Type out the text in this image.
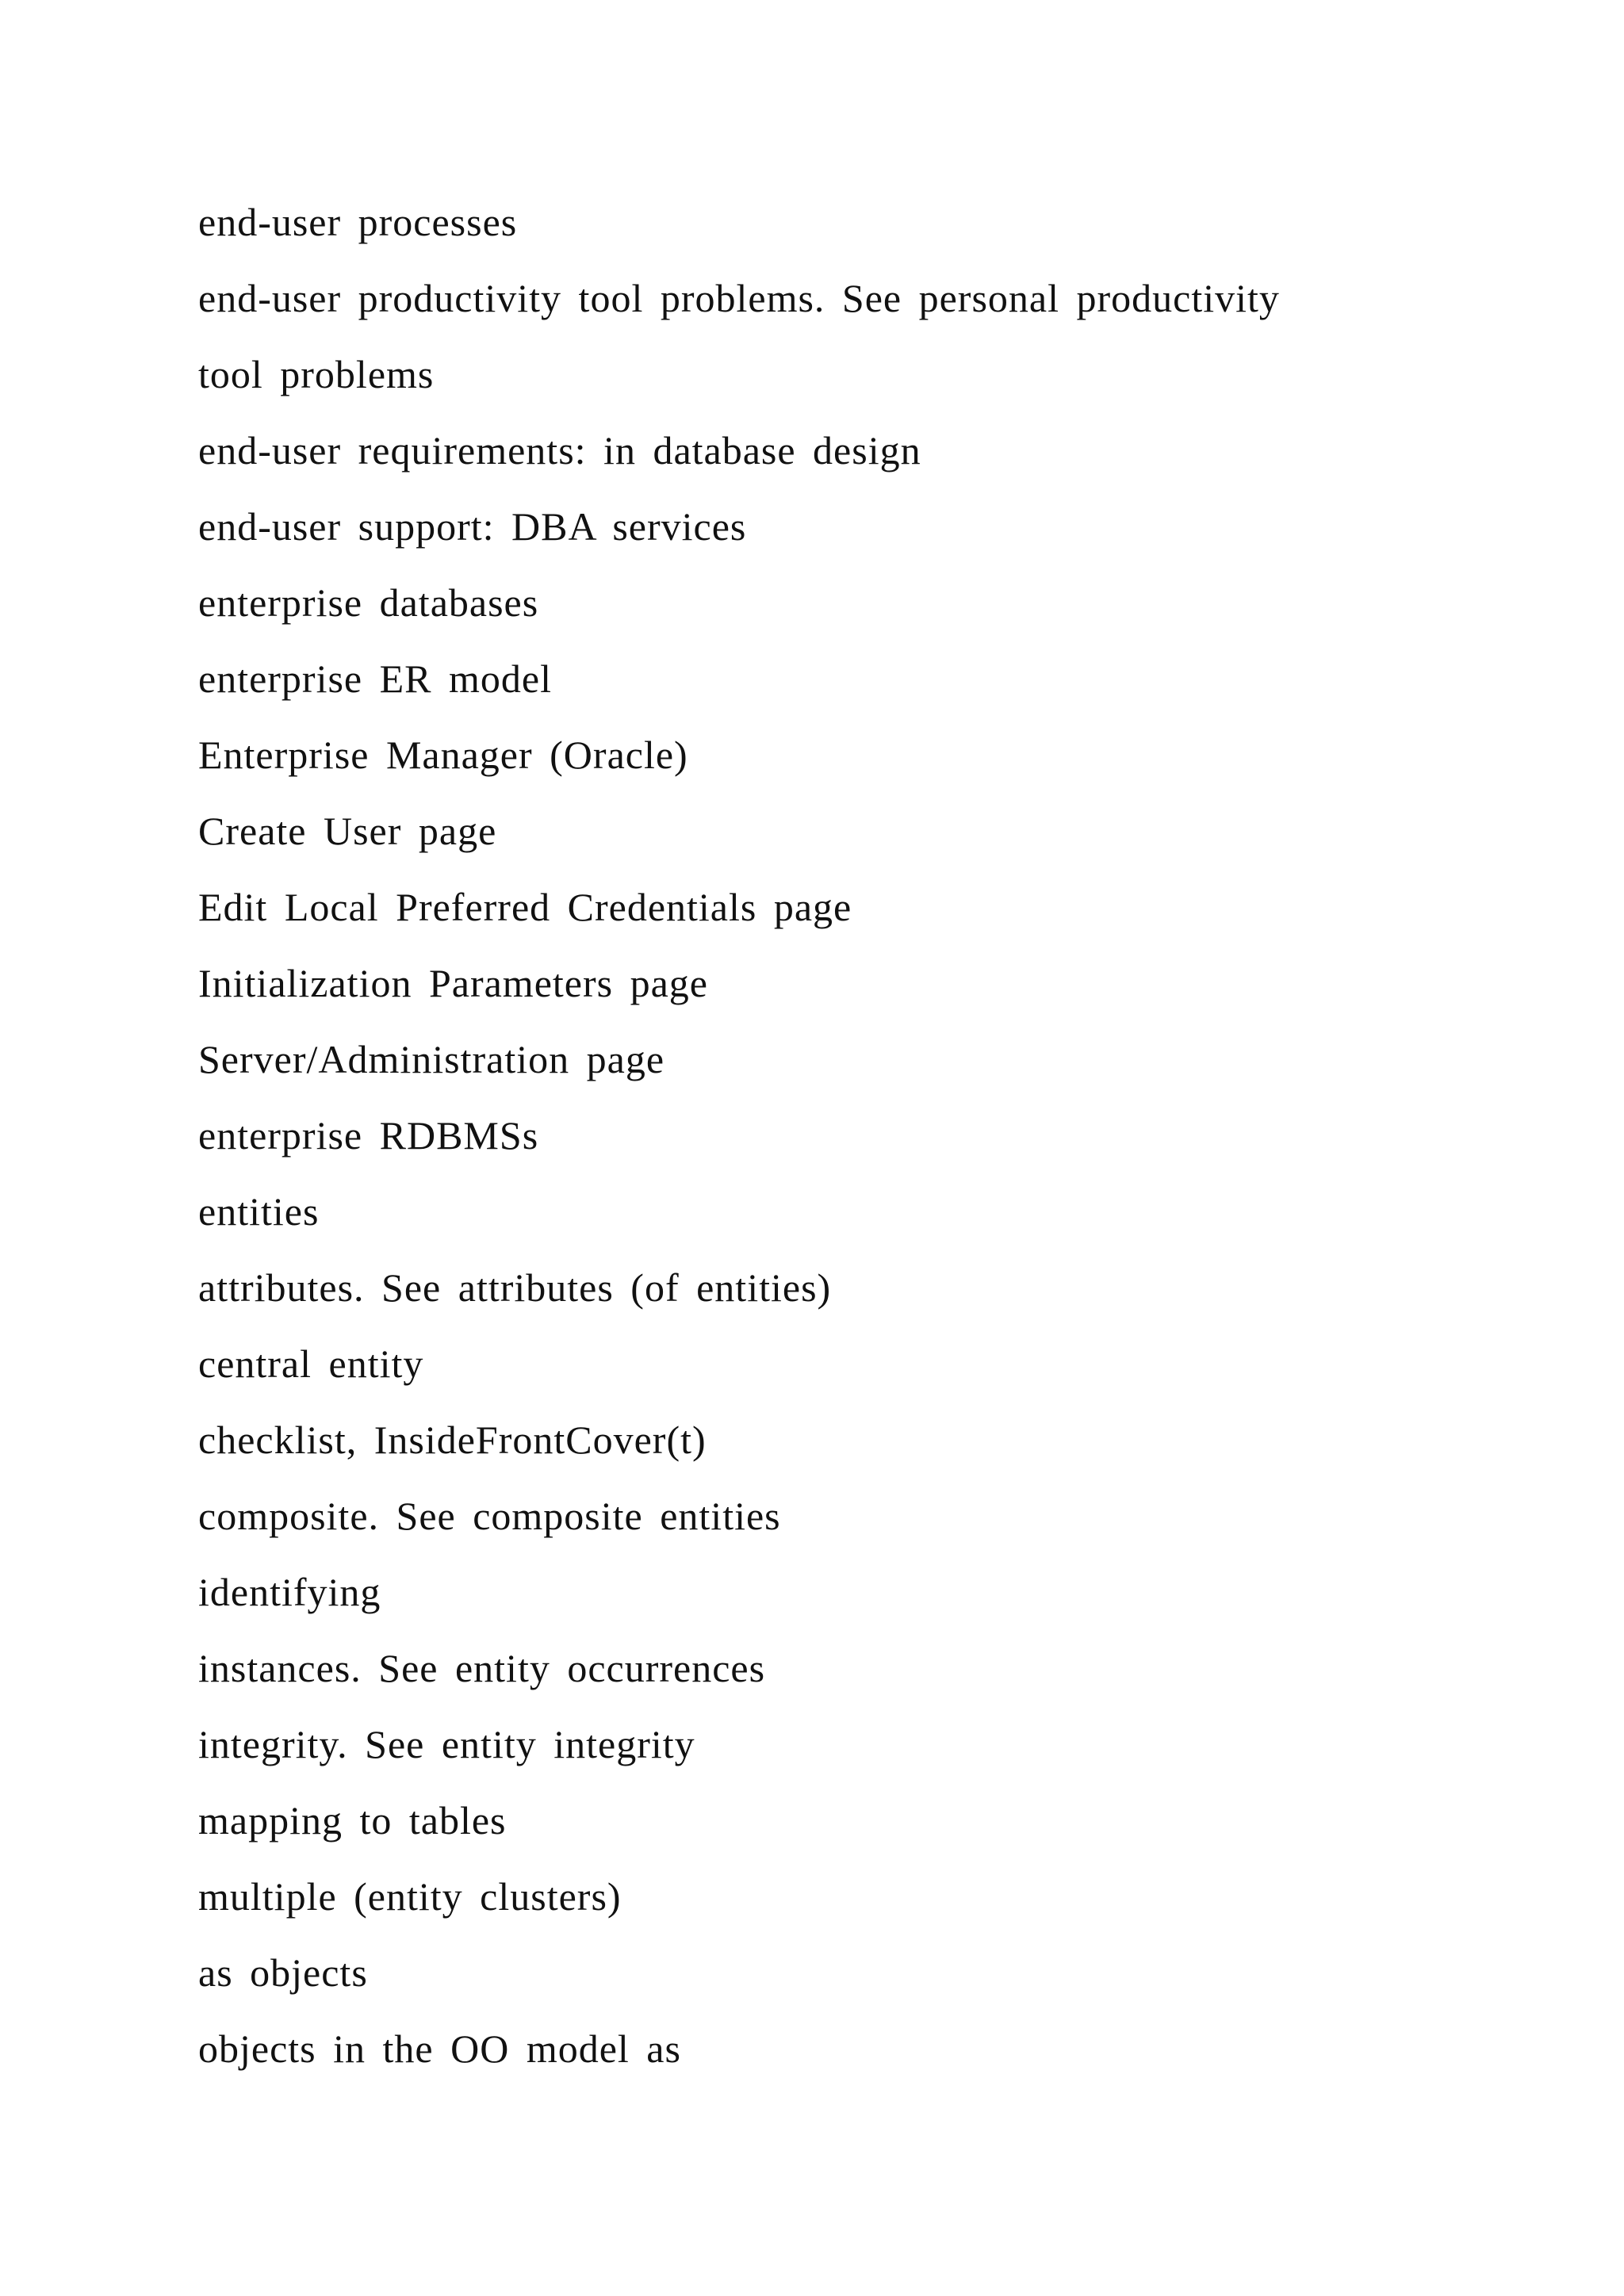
end-user processes
end-user productivity tool problems. See personal productivity
tool problems
end-user requirements: in database design
end-user support: DBA services
enterprise databases
enterprise ER model
Enterprise Manager (Oracle)
Create User page
Edit Local Preferred Credentials page
Initialization Parameters page
Server/Administration page
enterprise RDBMSs
entities
attributes. See attributes (of entities)
central entity
checklist, InsideFrontCover(t)
composite. See composite entities
identifying
instances. See entity occurrences
integrity. See entity integrity
mapping to tables
multiple (entity clusters)
as objects
objects in the OO model as
